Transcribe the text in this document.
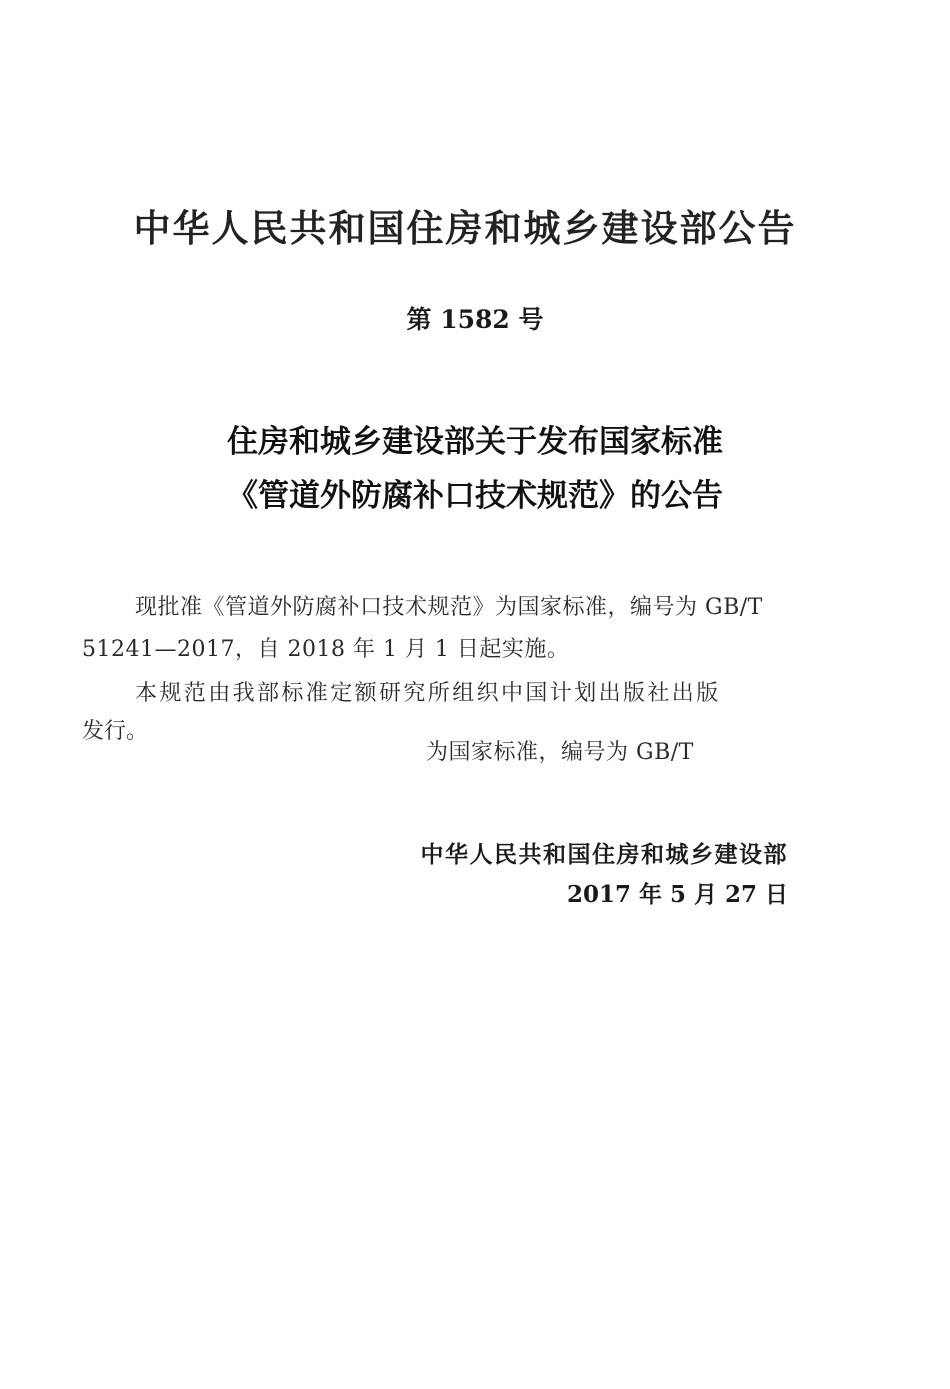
中华人民共和国住房和城乡建设部公告
第 1582 号
住房和城乡建设部关于发布国家标准
《管道外防腐补口技术规范》的公告
现批准《管道外防腐补口技术规范》为国家标准，编号为 GB/T
51241—2017，自 2018 年 1 月 1 日起实施。
本规范由我部标准定额研究所组织中国计划出版社出版
发行。
为国家标准，编号为 GB/T
中华人民共和国住房和城乡建设部
2017 年 5 月 27 日
